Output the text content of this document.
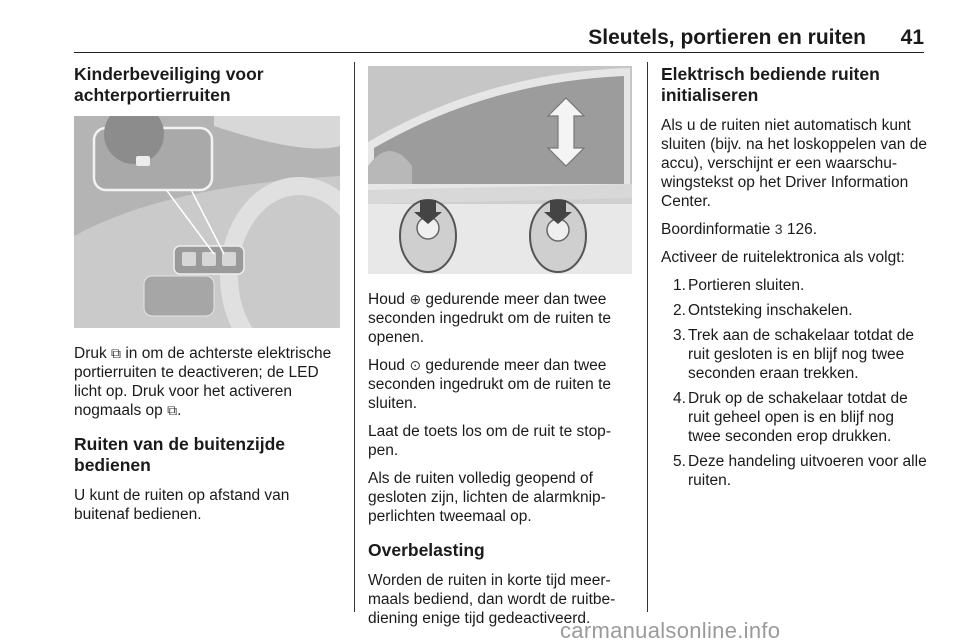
Sleutels, portieren en ruiten 41
Kinderbeveiliging voor achterportierruiten

Druk ⧉ in om de achterste elektrische portierruiten te deactiveren; de LED licht op. Druk voor het activeren nogmaals op ⧉.

Ruiten van de buitenzijde bedienen

U kunt de ruiten op afstand van buitenaf bedienen.

Houd ⊕ gedurende meer dan twee seconden ingedrukt om de ruiten te openen.

Houd ⊙ gedurende meer dan twee seconden ingedrukt om de ruiten te sluiten.

Laat de toets los om de ruit te stoppen.

Als de ruiten volledig geopend of gesloten zijn, lichten de alarmknipperlichten tweemaal op.

Overbelasting

Worden de ruiten in korte tijd meermaals bediend, dan wordt de ruitbediening enige tijd gedeactiveerd.

Elektrisch bediende ruiten initialiseren

Als u de ruiten niet automatisch kunt sluiten (bijv. na het loskoppelen van de accu), verschijnt er een waarschuwingstekst op het Driver Information Center.

Boordinformatie 3 126.

Activeer de ruitelektronica als volgt:

1. Portieren sluiten.
2. Ontsteking inschakelen.
3. Trek aan de schakelaar totdat de ruit gesloten is en blijf nog twee seconden eraan trekken.
4. Druk op de schakelaar totdat de ruit geheel open is en blijf nog twee seconden erop drukken.
5. Deze handeling uitvoeren voor alle ruiten.
carmanualsonline.info
